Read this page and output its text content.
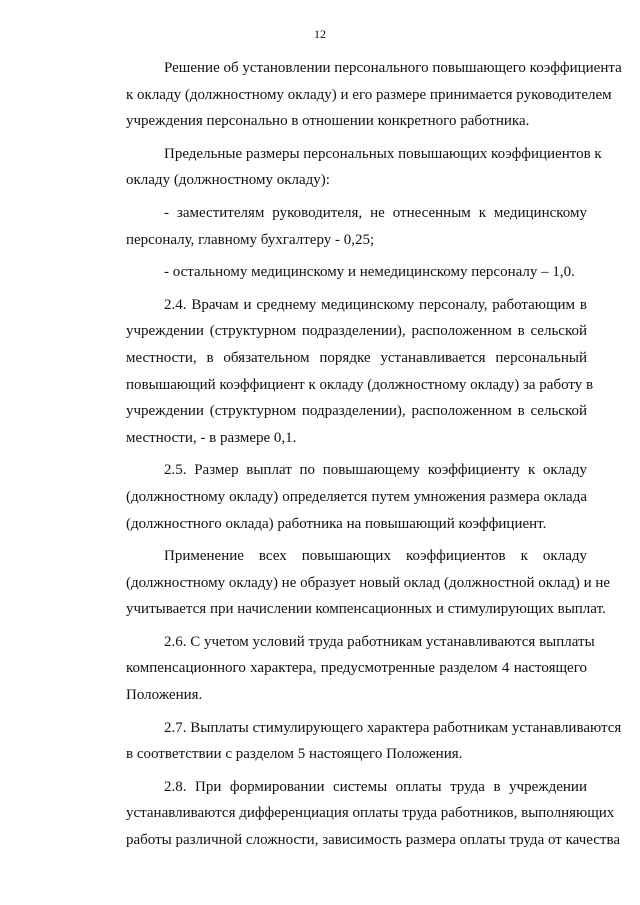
12
Решение об установлении персонального повышающего коэффициента
к окладу (должностному окладу) и его размере принимается руководителем
учреждения персонально в отношении конкретного работника.
Предельные размеры персональных повышающих коэффициентов к
окладу (должностному окладу):
- заместителям руководителя, не отнесенным к медицинскому
персоналу, главному бухгалтеру - 0,25;
- остальному медицинскому и немедицинскому персоналу – 1,0.
2.4. Врачам и среднему медицинскому персоналу, работающим в
учреждении (структурном подразделении), расположенном в сельской
местности, в обязательном порядке устанавливается персональный
повышающий коэффициент к окладу (должностному окладу) за работу в
учреждении (структурном подразделении), расположенном в сельской
местности, - в размере 0,1.
2.5. Размер выплат по повышающему коэффициенту к окладу
(должностному окладу) определяется путем умножения размера оклада
(должностного оклада) работника на повышающий коэффициент.
Применение всех повышающих коэффициентов к окладу
(должностному окладу) не образует новый оклад (должностной оклад) и не
учитывается при начислении компенсационных и стимулирующих выплат.
2.6. С учетом условий труда работникам устанавливаются выплаты
компенсационного характера, предусмотренные разделом 4 настоящего
Положения.
2.7. Выплаты стимулирующего характера работникам устанавливаются
в соответствии с разделом 5 настоящего Положения.
2.8. При формировании системы оплаты труда в учреждении
устанавливаются дифференциация оплаты труда работников, выполняющих
работы различной сложности, зависимость размера оплаты труда от качества
